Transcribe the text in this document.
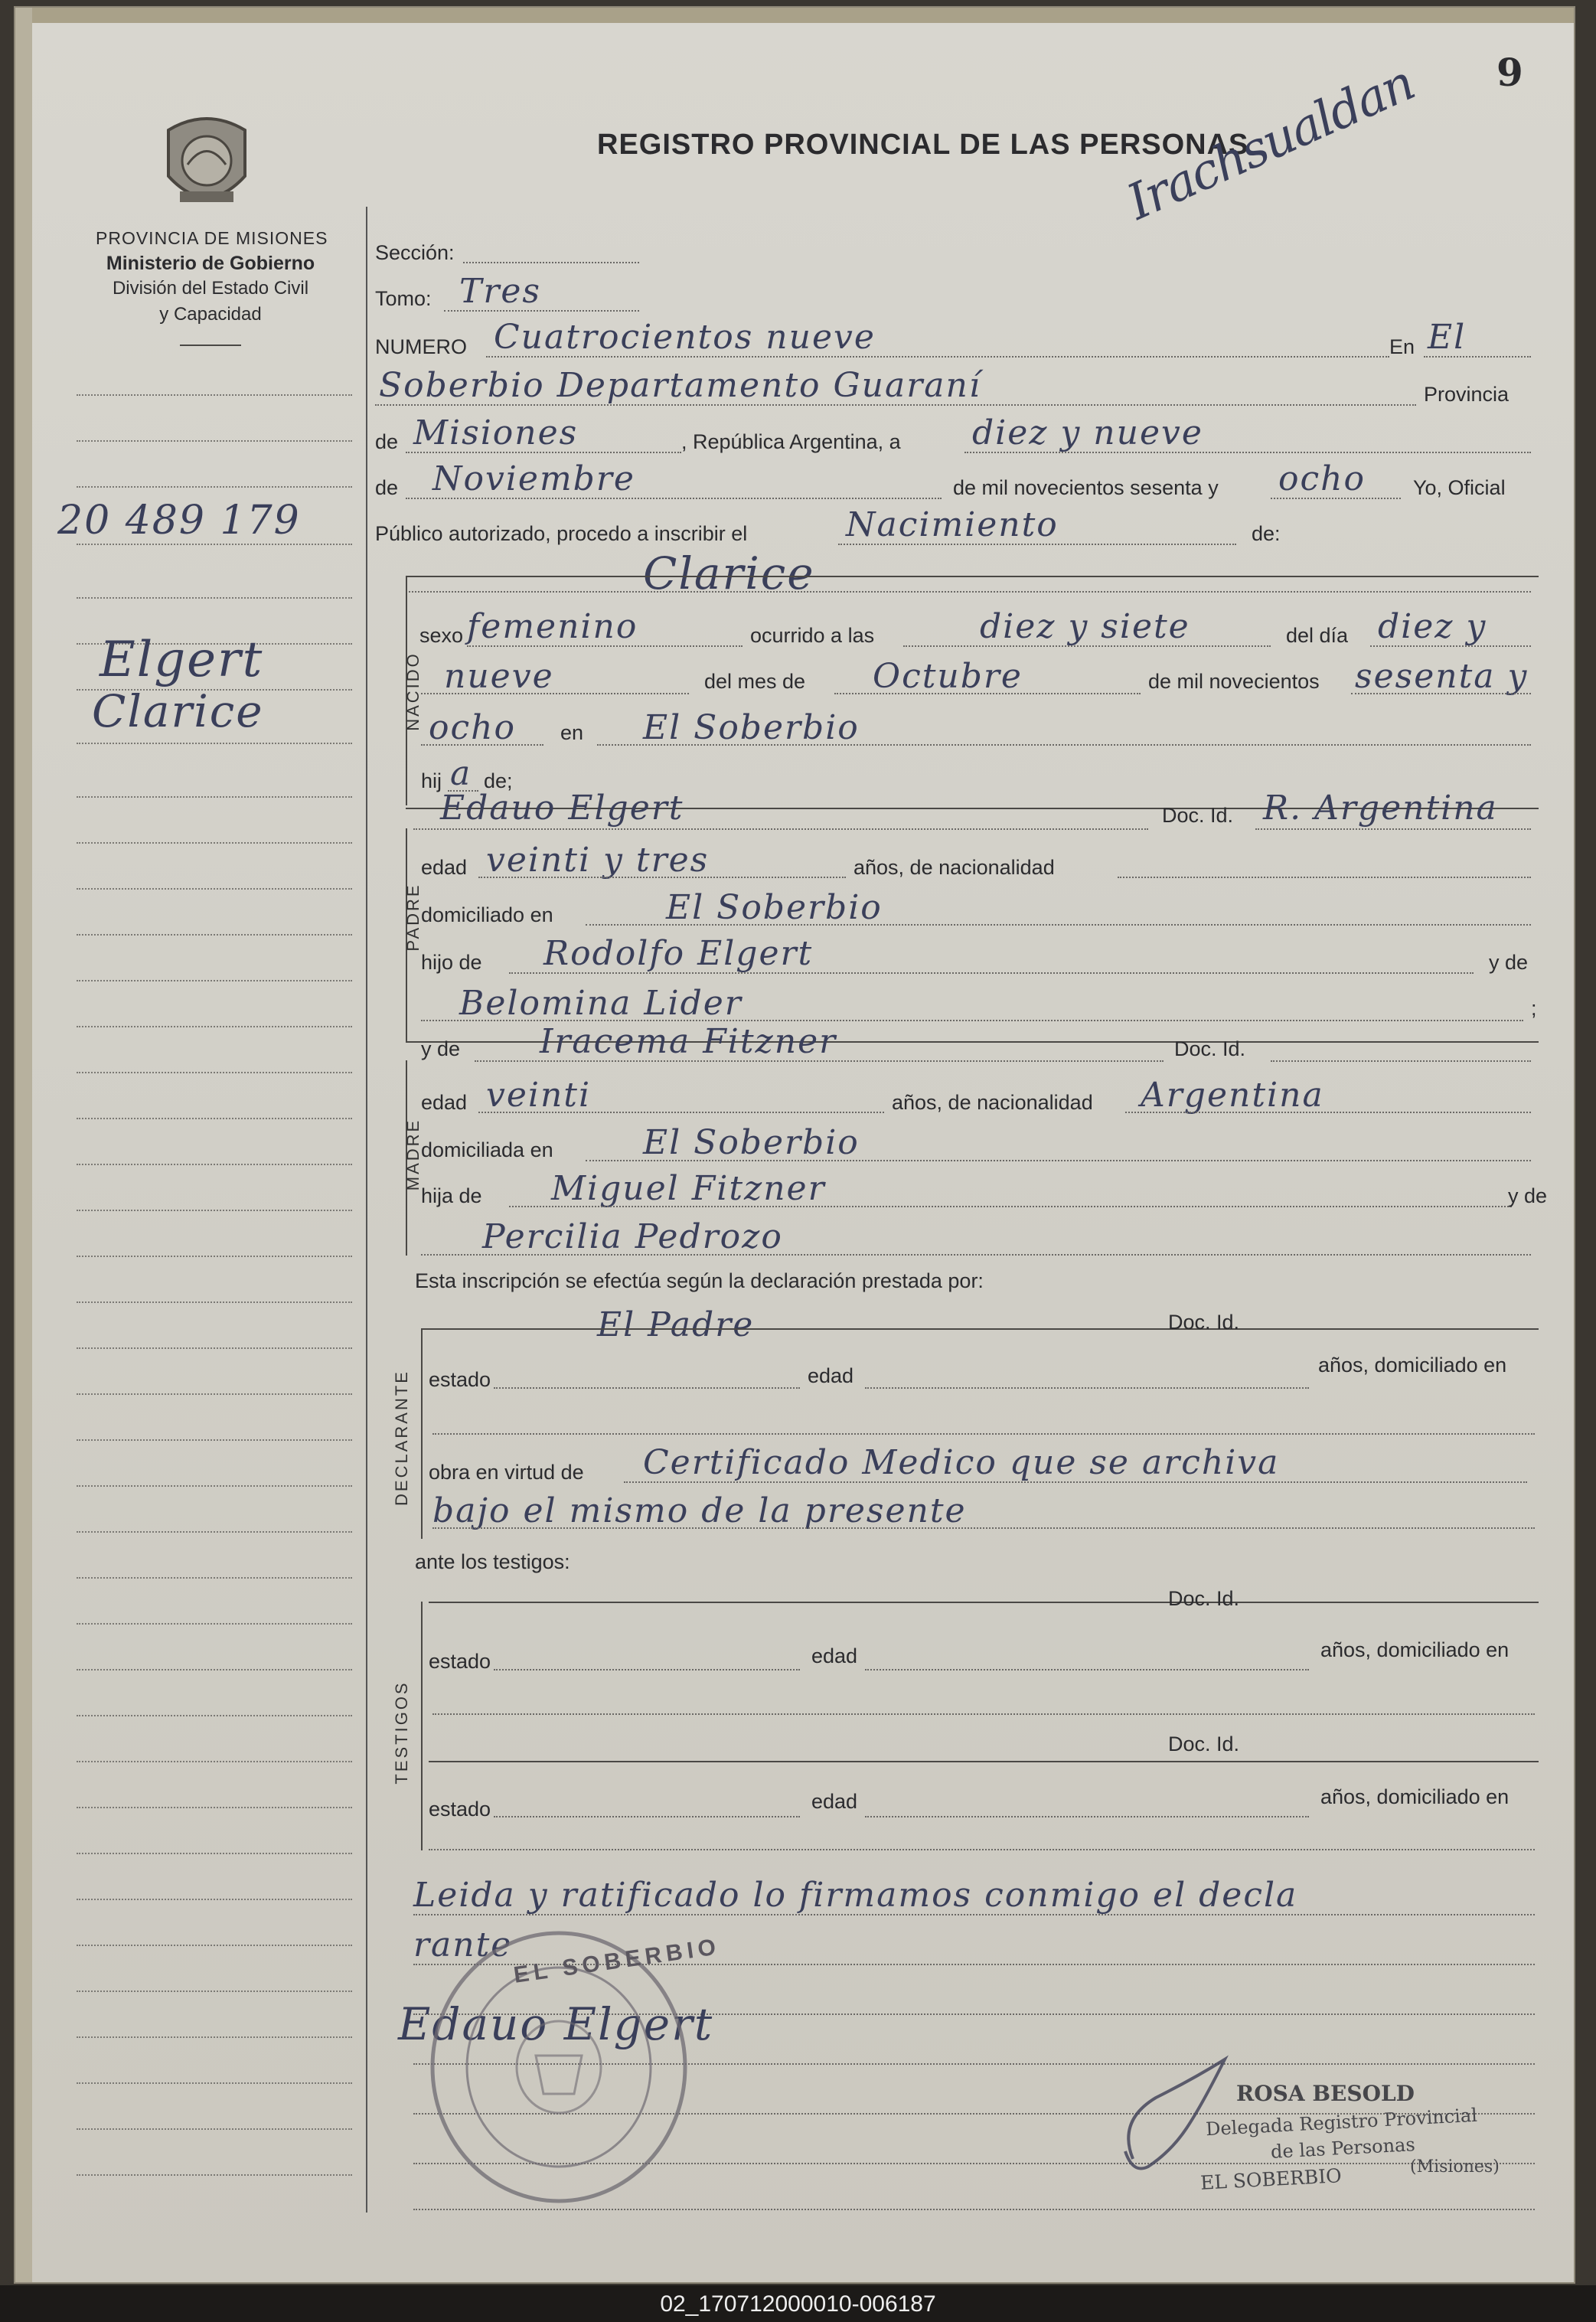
9
PROVINCIA DE MISIONES
Ministerio de Gobierno
División del Estado Civil
y Capacidad
REGISTRO PROVINCIAL DE LAS PERSONAS
Irachsualdan
20 489 179
Elgert
Clarice
Sección:
Tomo: Tres
NUMERO Cuatrocientos nueve	En El
Soberbio Departamento Guaraní	Provincia
de Misiones	, República Argentina, a diez y nueve
de Noviembre	de mil novecientos sesenta y ocho Yo, Oficial
Público autorizado, procedo a inscribir el	Nacimiento	de:
Clarice
NACIDO
sexo femenino	ocurrido a las	diez y siete	del día diez y
nueve	del mes de Octubre	de mil novecientos sesenta y
ocho en El Soberbio
hij a de;
Edauo Elgert	Doc. Id. R. Argentina
PADRE
edad veinti y tres	años, de nacionalidad
domiciliado en	El Soberbio
hijo de Rodolfo Elgert	y de
Belomina Lider	;
y de Iracema Fitzner	Doc. Id.
MADRE
edad veinti	años, de nacionalidad Argentina
domiciliada en	El Soberbio
hija de Miguel Fitzner	y de
Percilia Pedrozo
Esta inscripción se efectúa según la declaración prestada por:
El Padre	Doc. Id.
DECLARANTE estado	edad	años, domiciliado en
obra en virtud de Certificado Medico que se archiva
bajo el mismo de la presente
ante los testigos:
Doc. Id.
TESTIGOS
estado	edad	años, domiciliado en
Doc. Id.
estado	edad	años, domiciliado en
Leida y ratificado lo firmamos conmigo el decla
rante
Edauo Elgert
EL SOBERBIO
ROSA BESOLD
Delegada Registro Provincial
de las Personas
EL SOBERBIO	(Misiones)
02_170712000010-006187
